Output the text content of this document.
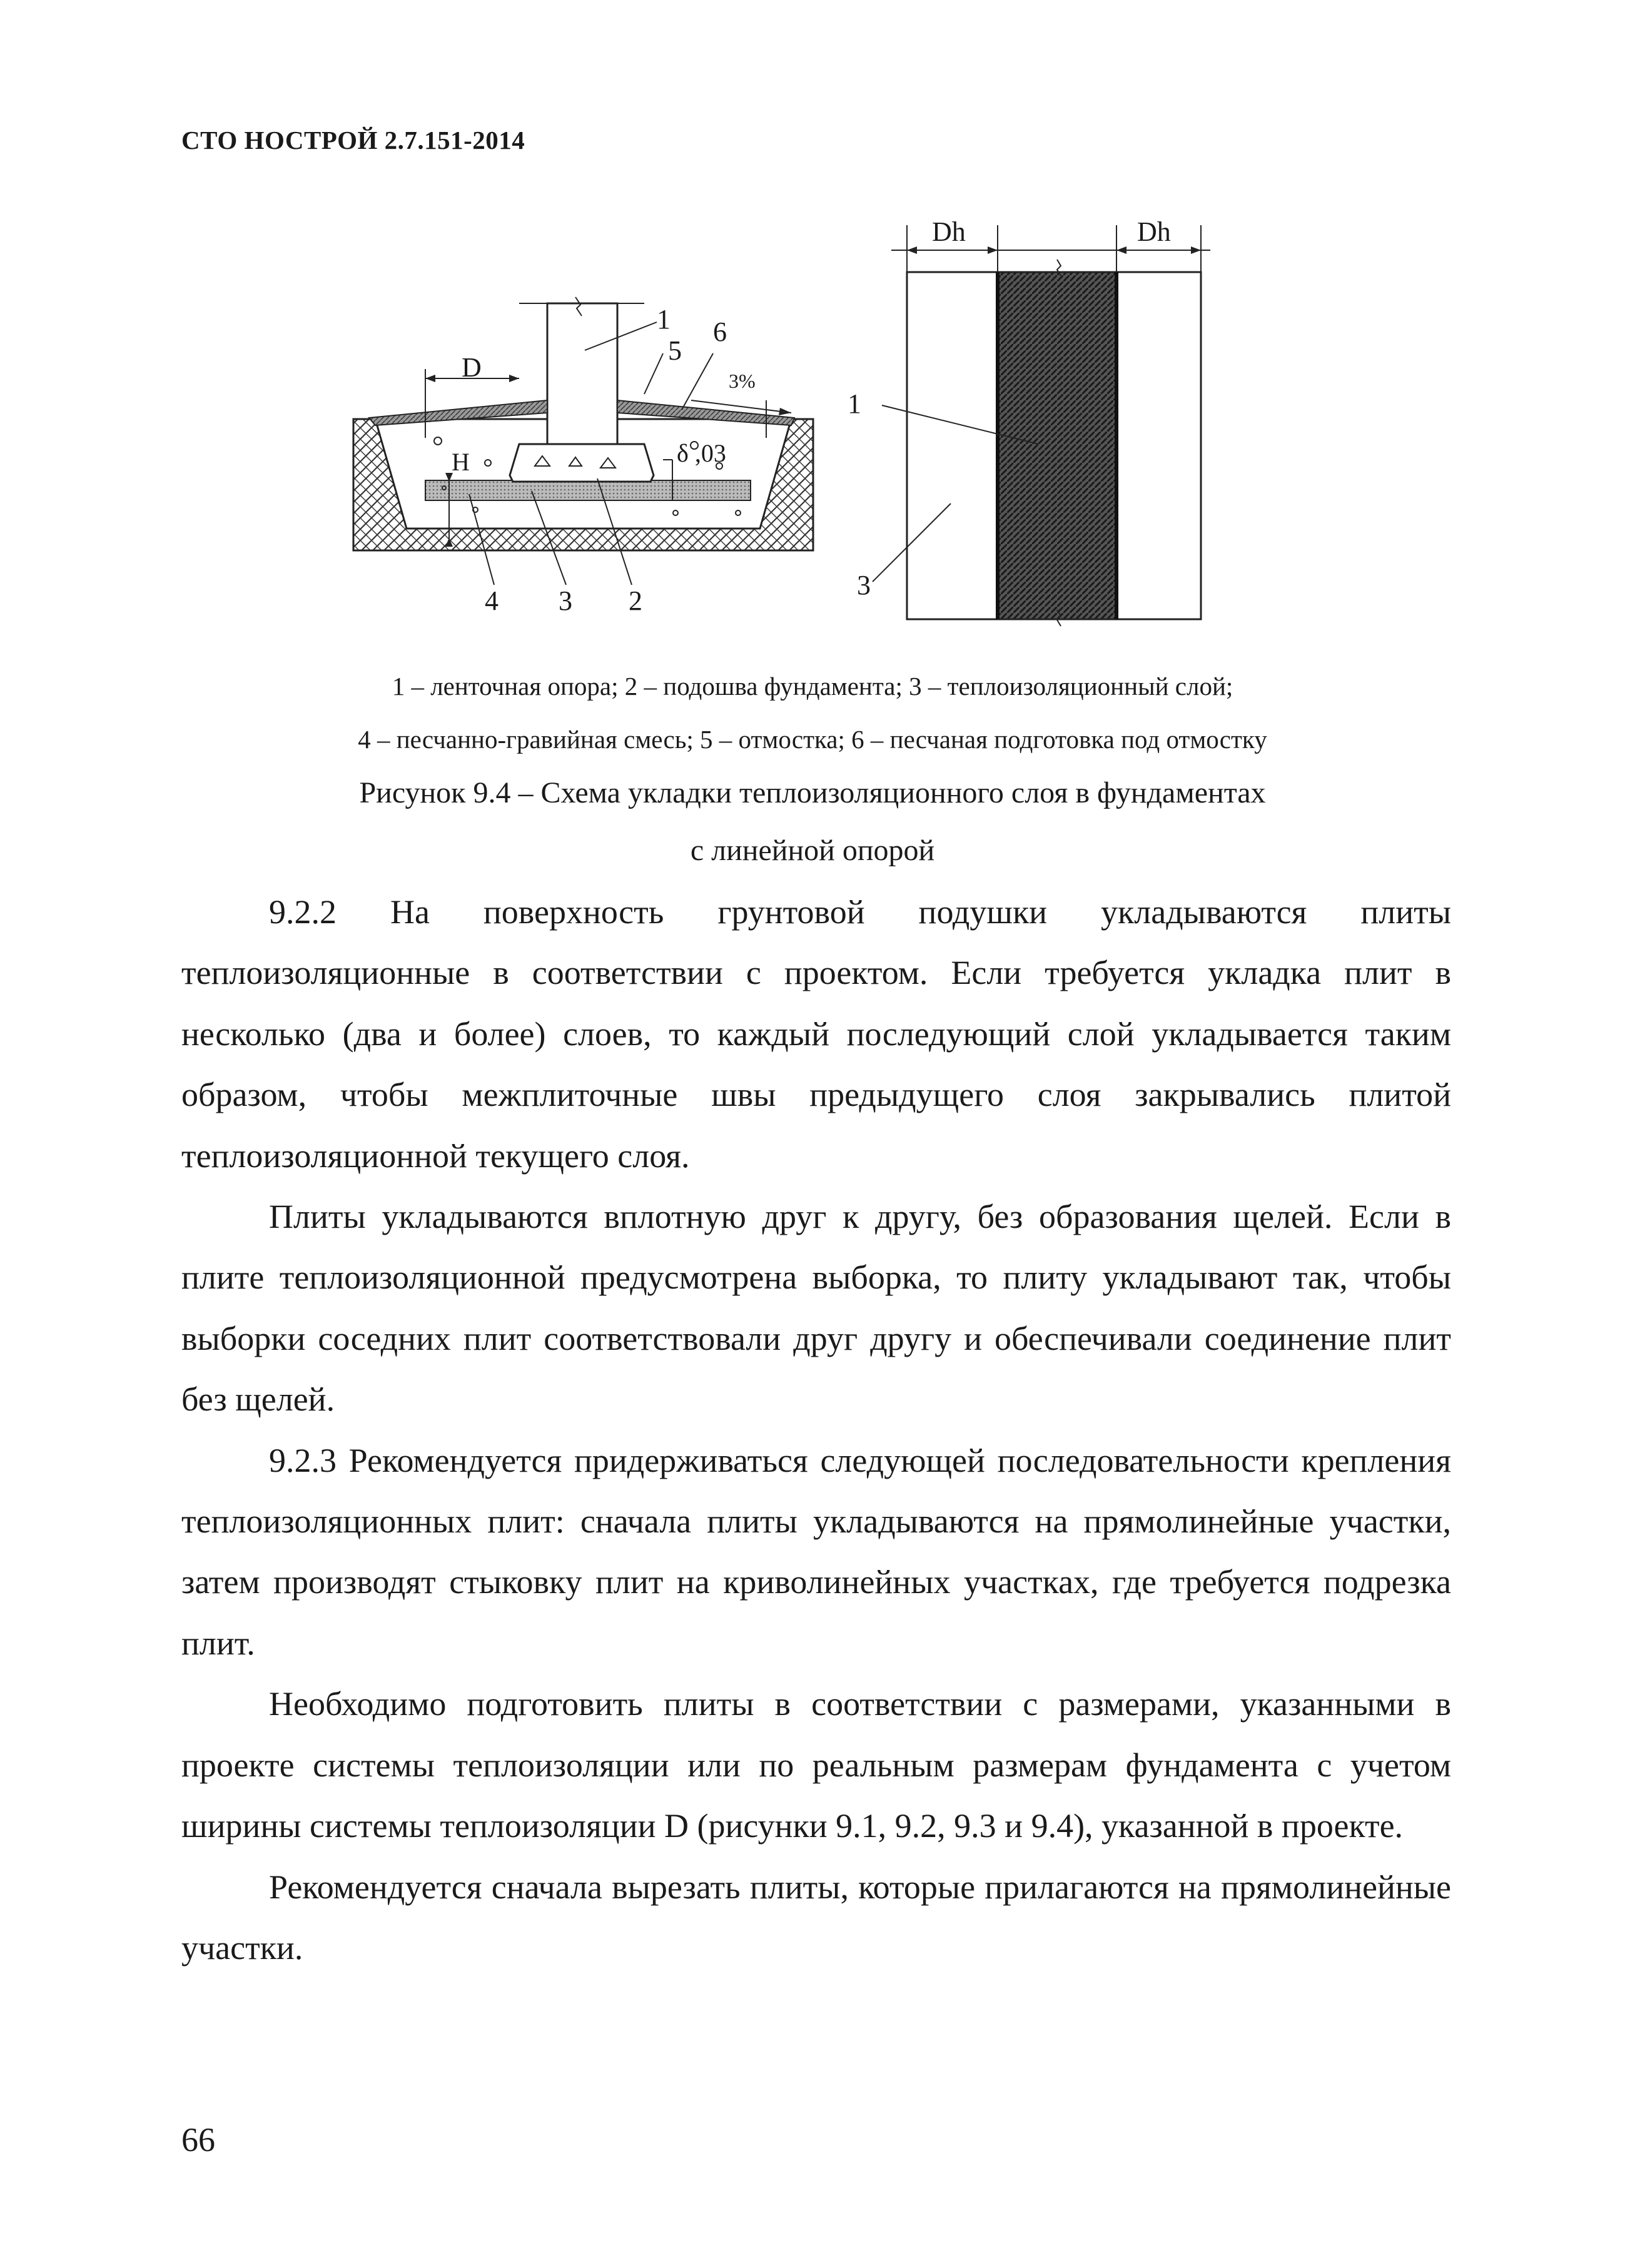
СТО НОСТРОЙ 2.7.151-2014
1
5
6
D	3%
H	δ ,03
4 3 2
Dh	Dh
1
3
1 – ленточная опора; 2 – подошва фундамента; 3 – теплоизоляционный слой;
4 – песчанно-гравийная смесь; 5 – отмостка; 6 – песчаная подготовка под отмостку
Рисунок 9.4 – Схема укладки теплоизоляционного слоя в фундаментах
с линейной опорой

9.2.2 На поверхность грунтовой подушки укладываются плиты теплоизоляционные в соответствии с проектом. Если требуется укладка плит в несколько (два и более) слоев, то каждый последующий слой укладывается таким образом, чтобы межплиточные швы предыдущего слоя закрывались плитой теплоизоляционной текущего слоя.

Плиты укладываются вплотную друг к другу, без образования щелей. Если в плите теплоизоляционной предусмотрена выборка, то плиту укладывают так, чтобы выборки соседних плит соответствовали друг другу и обеспечивали соединение плит без щелей.

9.2.3 Рекомендуется придерживаться следующей последовательности крепления теплоизоляционных плит: сначала плиты укладываются на прямолинейные участки, затем производят стыковку плит на криволинейных участках, где требуется подрезка плит.

Необходимо подготовить плиты в соответствии с размерами, указанными в проекте системы теплоизоляции или по реальным размерам фундамента с учетом ширины системы теплоизоляции D (рисунки 9.1, 9.2, 9.3 и 9.4), указанной в проекте.

Рекомендуется сначала вырезать плиты, которые прилагаются на прямолинейные участки.

66
